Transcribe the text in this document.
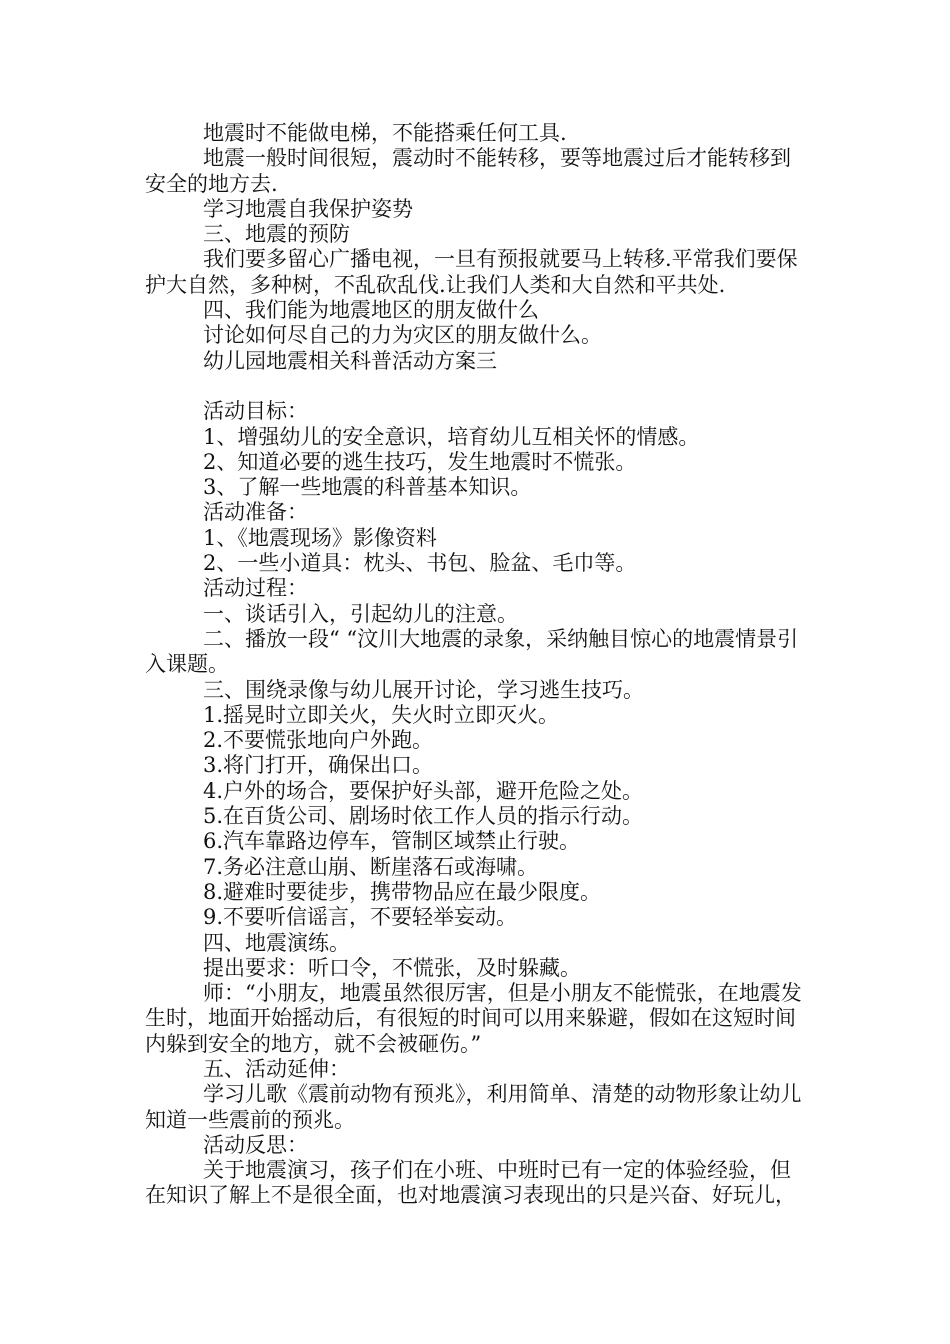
地震时不能做电梯，不能搭乘任何工具.

地震一般时间很短，震动时不能转移，要等地震过后才能转移到安全的地方去.

学习地震自我保护姿势

三、地震的预防

我们要多留心广播电视，一旦有预报就要马上转移.平常我们要保护大自然，多种树，不乱砍乱伐.让我们人类和大自然和平共处.

四、我们能为地震地区的朋友做什么

讨论如何尽自己的力为灾区的朋友做什么。

幼儿园地震相关科普活动方案三

活动目标：

1、增强幼儿的安全意识，培育幼儿互相关怀的情感。

2、知道必要的逃生技巧，发生地震时不慌张。

3、了解一些地震的科普基本知识。

活动准备：

1、《地震现场》影像资料

2、一些小道具：枕头、书包、脸盆、毛巾等。

活动过程：

一、谈话引入，引起幼儿的注意。

二、播放一段“ “汶川大地震的录象，采纳触目惊心的地震情景引入课题。

三、围绕录像与幼儿展开讨论，学习逃生技巧。

1.摇晃时立即关火，失火时立即灭火。

2.不要慌张地向户外跑。

3.将门打开，确保出口。

4.户外的场合，要保护好头部，避开危险之处。

5.在百货公司、剧场时依工作人员的指示行动。

6.汽车靠路边停车，管制区域禁止行驶。

7.务必注意山崩、断崖落石或海啸。

8.避难时要徒步，携带物品应在最少限度。

9.不要听信谣言，不要轻举妄动。

四、地震演练。

提出要求：听口令，不慌张，及时躲藏。

师：“小朋友，地震虽然很厉害，但是小朋友不能慌张，在地震发生时，地面开始摇动后，有很短的时间可以用来躲避，假如在这短时间内躲到安全的地方，就不会被砸伤。”

五、活动延伸：

学习儿歌《震前动物有预兆》，利用简单、清楚的动物形象让幼儿知道一些震前的预兆。

活动反思：

关于地震演习，孩子们在小班、中班时已有一定的体验经验，但在知识了解上不是很全面，也对地震演习表现出的只是兴奋、好玩儿，
